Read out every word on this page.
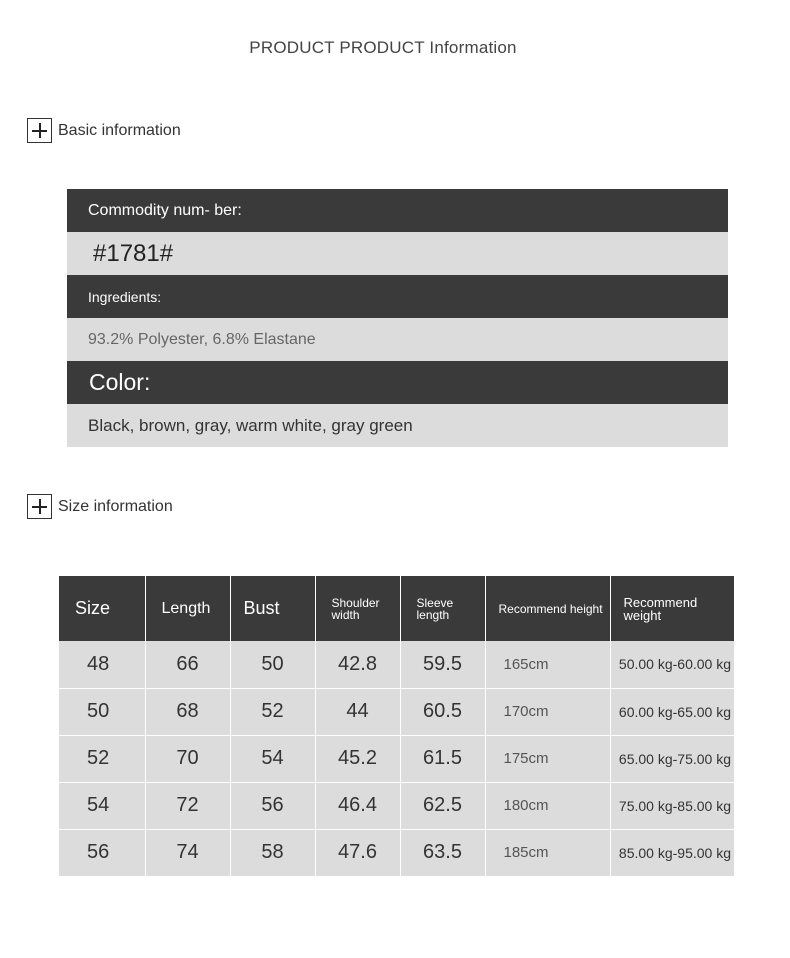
PRODUCT PRODUCT Information
Basic information
Commodity num- ber:
#1781#
Ingredients:
93.2% Polyester, 6.8% Elastane
Color:
Black, brown, gray, warm white, gray green
Size information
Size	Length	Bust	Shoulder width	Sleeve length	Recommend height	Recommend weight
48	66	50	42.8	59.5	165cm	50.00 kg-60.00 kg
50	68	52	44	60.5	170cm	60.00 kg-65.00 kg
52	70	54	45.2	61.5	175cm	65.00 kg-75.00 kg
54	72	56	46.4	62.5	180cm	75.00 kg-85.00 kg
56	74	58	47.6	63.5	185cm	85.00 kg-95.00 kg
